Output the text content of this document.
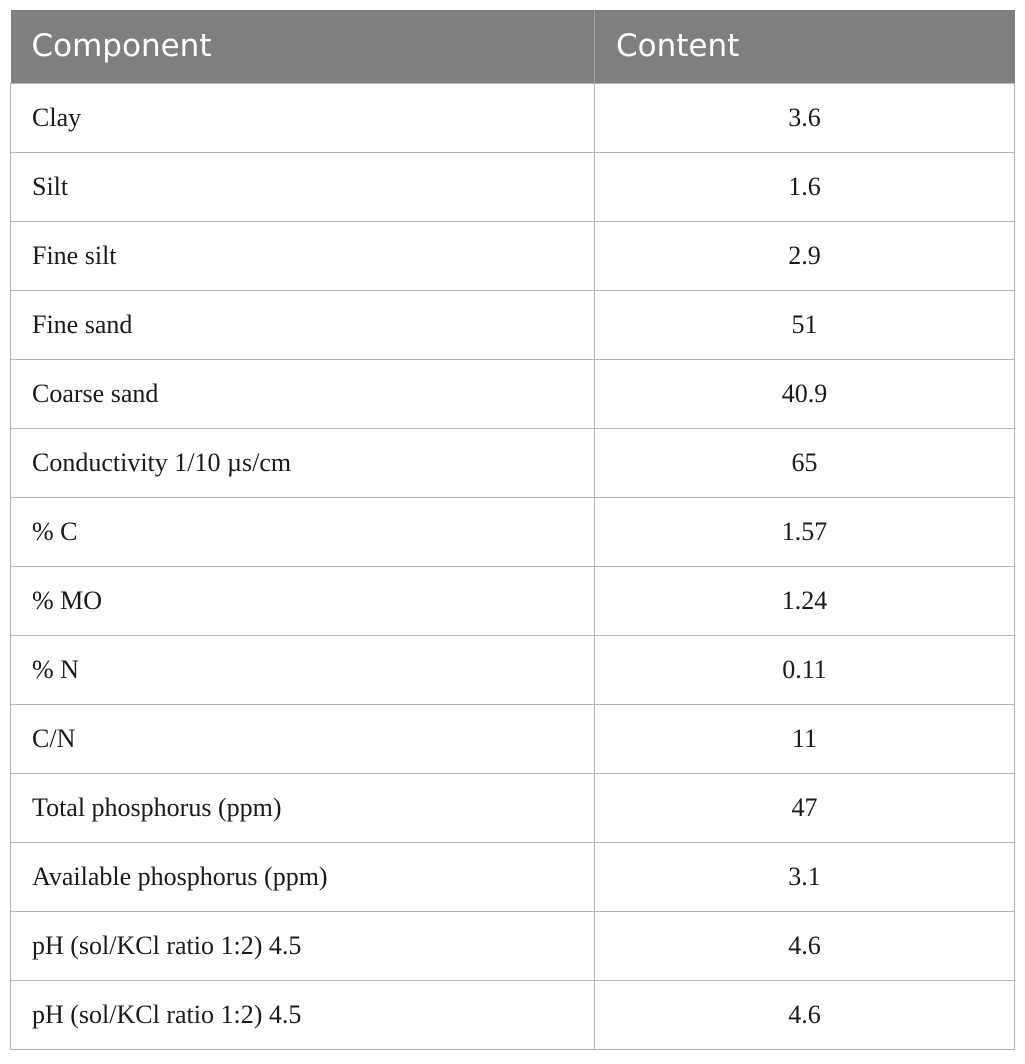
Component	Content
Clay	3.6
Silt	1.6
Fine silt	2.9
Fine sand	51
Coarse sand	40.9
Conductivity 1/10 µs/cm	65
% C	1.57
% MO	1.24
% N	0.11
C/N	11
Total phosphorus (ppm)	47
Available phosphorus (ppm)	3.1
pH (sol/KCl ratio 1:2) 4.5	4.6
pH (sol/KCl ratio 1:2) 4.5	4.6
